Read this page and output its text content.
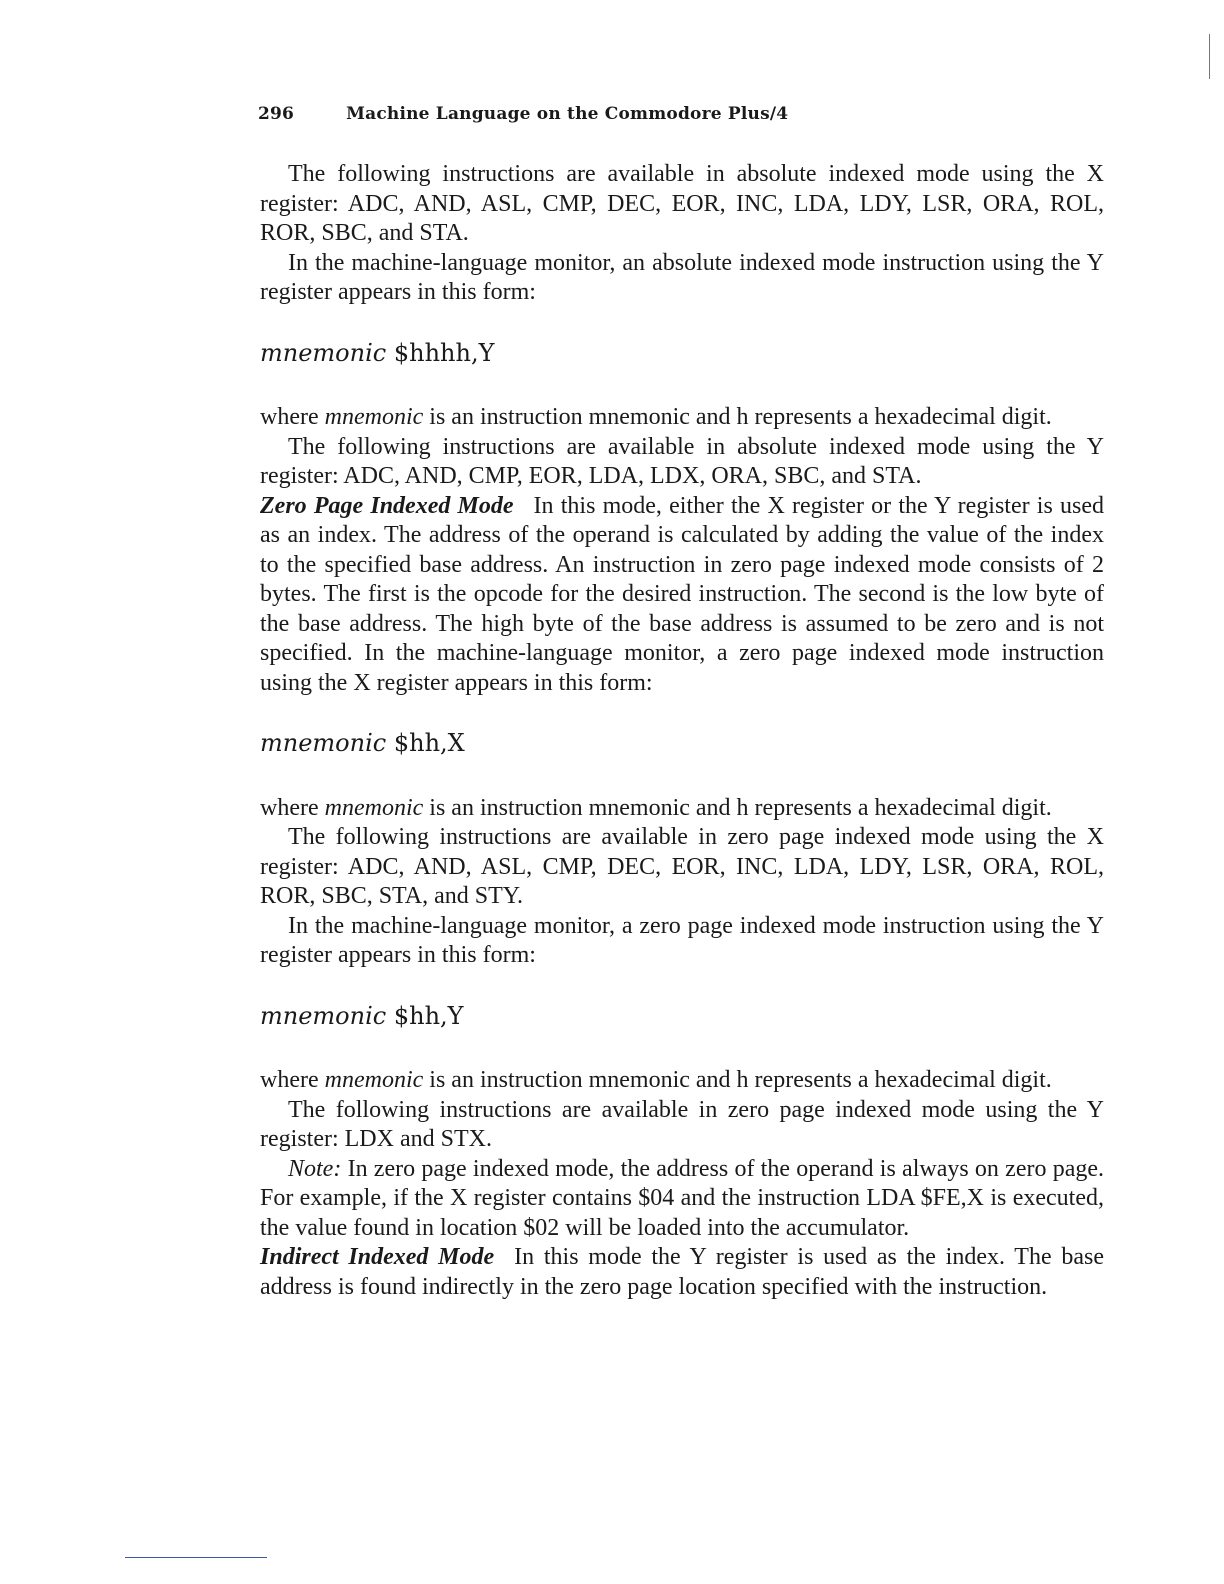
296	Machine Language on the Commodore Plus/4

The following instructions are available in absolute indexed mode using the X register: ADC, AND, ASL, CMP, DEC, EOR, INC, LDA, LDY, LSR, ORA, ROL, ROR, SBC, and STA.

In the machine-language monitor, an absolute indexed mode instruction using the Y register appears in this form:

mnemonic $hhhh,Y

where mnemonic is an instruction mnemonic and h represents a hexadecimal digit.

The following instructions are available in absolute indexed mode using the Y register: ADC, AND, CMP, EOR, LDA, LDX, ORA, SBC, and STA.

Zero Page Indexed Mode In this mode, either the X register or the Y register is used as an index. The address of the operand is calculated by adding the value of the index to the specified base address. An instruction in zero page indexed mode consists of 2 bytes. The first is the opcode for the desired instruction. The second is the low byte of the base address. The high byte of the base address is assumed to be zero and is not specified. In the machine-language monitor, a zero page indexed mode instruction using the X register appears in this form:

mnemonic $hh,X

where mnemonic is an instruction mnemonic and h represents a hexadecimal digit.

The following instructions are available in zero page indexed mode using the X register: ADC, AND, ASL, CMP, DEC, EOR, INC, LDA, LDY, LSR, ORA, ROL, ROR, SBC, STA, and STY.

In the machine-language monitor, a zero page indexed mode instruction using the Y register appears in this form:

mnemonic $hh,Y

where mnemonic is an instruction mnemonic and h represents a hexadecimal digit.

The following instructions are available in zero page indexed mode using the Y register: LDX and STX.

Note: In zero page indexed mode, the address of the operand is always on zero page. For example, if the X register contains $04 and the instruction LDA $FE,X is executed, the value found in location $02 will be loaded into the accumulator.

Indirect Indexed Mode In this mode the Y register is used as the index. The base address is found indirectly in the zero page location specified with the instruction.
